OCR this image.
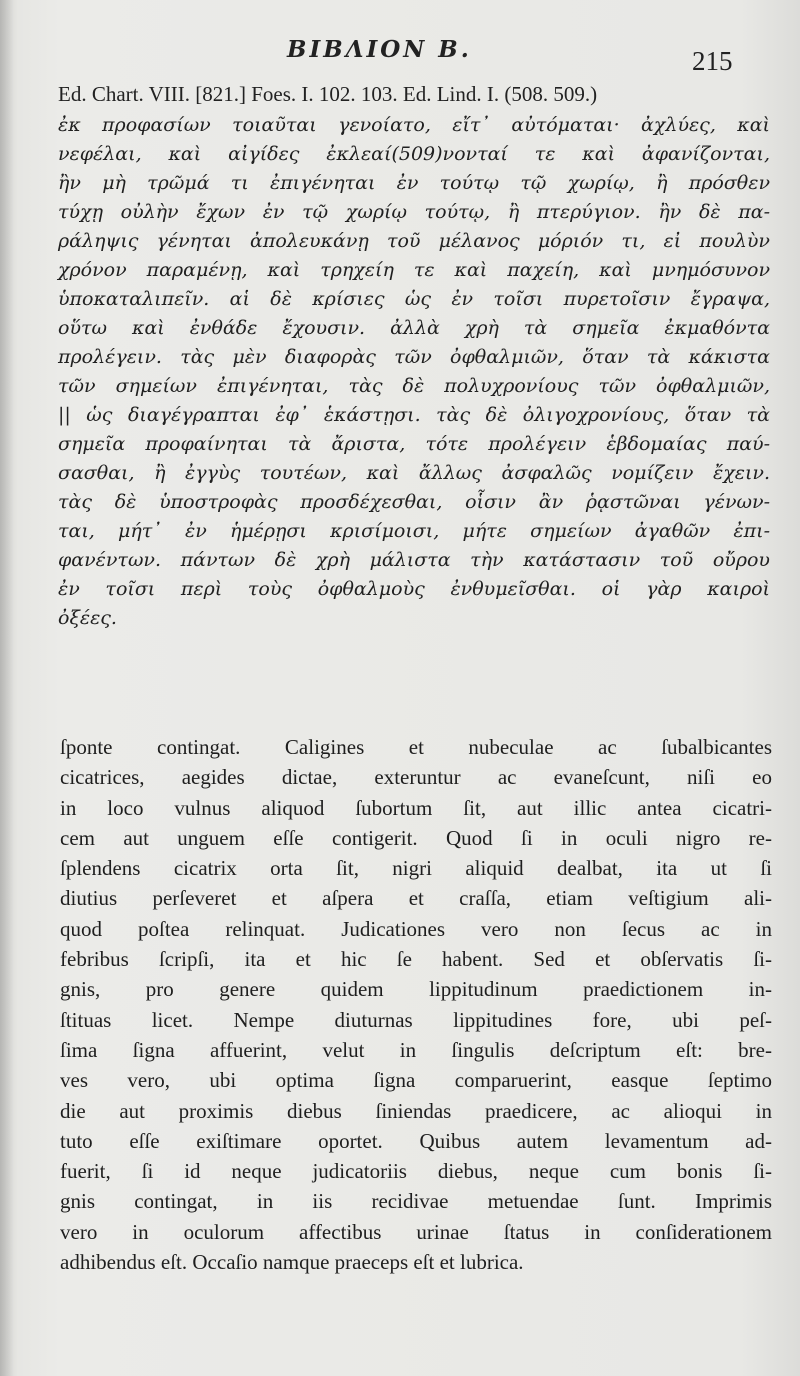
ΒΙΒΛΙΟΝ Β.	215
Ed. Chart. VIII. [821.] Foes. I. 102. 103. Ed. Lind. I. (508. 509.)
ἐκ προφασίων τοιαῦται γενοίατο, εἴτ᾿ αὐτόμαται· ἀχλύες, καὶ
νεφέλαι, καὶ αἰγίδες ἐκλεαί(509)νονταί τε καὶ ἀφανίζονται,
ἢν μὴ τρῶμά τι ἐπιγένηται ἐν τούτῳ τῷ χωρίῳ, ἢ πρόσθεν
τύχῃ οὐλὴν ἔχων ἐν τῷ χωρίῳ τούτῳ, ἢ πτερύγιον. ἢν δὲ πα-
ράληψις γένηται ἀπολευκάνῃ τοῦ μέλανος μόριόν τι, εἰ πουλὺν
χρόνον παραμένῃ, καὶ τρηχείη τε καὶ παχείη, καὶ μνημόσυνον
ὑποκαταλιπεῖν. αἱ δὲ κρίσιες ὡς ἐν τοῖσι πυρετοῖσιν ἔγραψα,
οὕτω καὶ ἐνθάδε ἔχουσιν. ἀλλὰ χρὴ τὰ σημεῖα ἐκμαθόντα
προλέγειν. τὰς μὲν διαφορὰς τῶν ὀφθαλμιῶν, ὅταν τὰ κάκιστα
τῶν σημείων ἐπιγένηται, τὰς δὲ πολυχρονίους τῶν ὀφθαλμιῶν,
|| ὡς διαγέγραπται ἐφ᾿ ἑκάστῃσι. τὰς δὲ ὀλιγοχρονίους, ὅταν τὰ
σημεῖα προφαίνηται τὰ ἄριστα, τότε προλέγειν ἑβδομαίας παύ-
σασθαι, ἢ ἐγγὺς τουτέων, καὶ ἄλλως ἀσφαλῶς νομίζειν ἔχειν.
τὰς δὲ ὑποστροφὰς προσδέχεσθαι, οἷσιν ἂν ῥᾳστῶναι γένων-
ται, μήτ᾿ ἐν ἡμέρῃσι κρισίμοισι, μήτε σημείων ἀγαθῶν ἐπι-
φανέντων. πάντων δὲ χρὴ μάλιστα τὴν κατάστασιν τοῦ οὔρου
ἐν τοῖσι περὶ τοὺς ὀφθαλμοὺς ἐνθυμεῖσθαι. οἱ γὰρ καιροὶ
ὀξέες.
ſponte contingat. Caligines et nubeculae ac ſubalbicantes
cicatrices, aegides dictae, exteruntur ac evaneſcunt, niſi eo
in loco vulnus aliquod ſubortum ſit, aut illic antea cicatri-
cem aut unguem eſſe contigerit. Quod ſi in oculi nigro re-
ſplendens cicatrix orta ſit, nigri aliquid dealbat, ita ut ſi
diutius perſeveret et aſpera et craſſa, etiam veſtigium ali-
quod poſtea relinquat. Judicationes vero non ſecus ac in
febribus ſcripſi, ita et hic ſe habent. Sed et obſervatis ſi-
gnis, pro genere quidem lippitudinum praedictionem in-
ſtituas licet. Nempe diuturnas lippitudines fore, ubi peſ-
ſima ſigna affuerint, velut in ſingulis deſcriptum eſt: bre-
ves vero, ubi optima ſigna comparuerint, easque ſeptimo
die aut proximis diebus ſiniendas praedicere, ac alioqui in
tuto eſſe exiſtimare oportet. Quibus autem levamentum ad-
fuerit, ſi id neque judicatoriis diebus, neque cum bonis ſi-
gnis contingat, in iis recidivae metuendae ſunt. Imprimis
vero in oculorum affectibus urinae ſtatus in conſiderationem
adhibendus eſt. Occaſio namque praeceps eſt et lubrica.
